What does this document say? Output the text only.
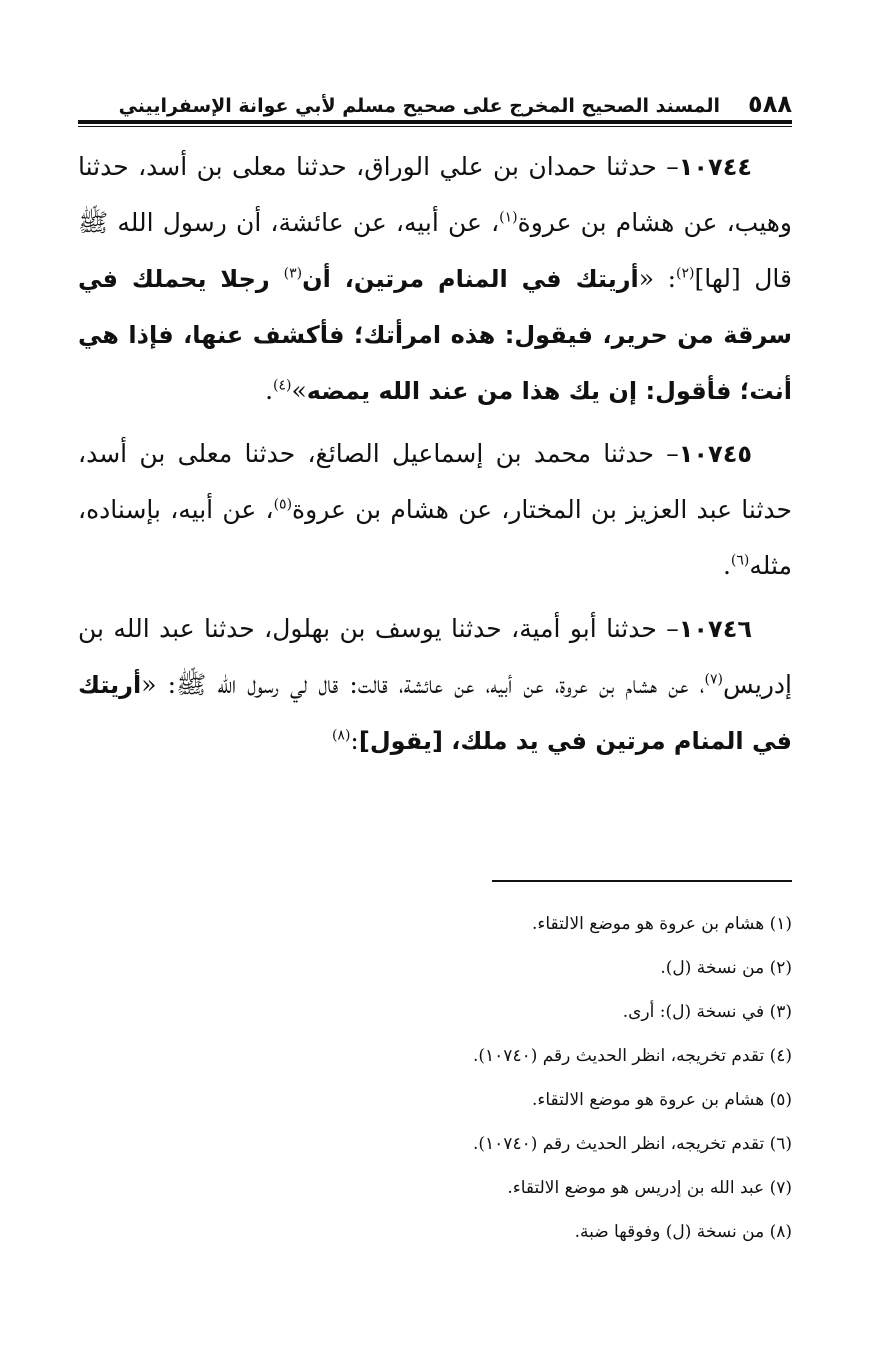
٥٨٨
المسند الصحيح المخرج على صحيح مسلم لأبي عوانة الإسفراييني

١٠٧٤٤– حدثنا حمدان بن علي الوراق، حدثنا معلى بن أسد، حدثنا وهيب، عن هشام بن عروة$^{(١)}$، عن أبيه، عن عائشة، أن رسول الله ﷺ قال [لها]$^{(٢)}$: «أريتك في المنام مرتين، أن$^{(٣)}$ رجلا يحملك في سرقة من حرير، فيقول: هذه امرأتك؛ فأكشف عنها، فإذا هي أنت؛ فأقول: إن يك هذا من عند الله يمضه»$^{(٤)}$.

١٠٧٤٥– حدثنا محمد بن إسماعيل الصائغ، حدثنا معلى بن أسد، حدثنا عبد العزيز بن المختار، عن هشام بن عروة$^{(٥)}$، عن أبيه، بإسناده، مثله$^{(٦)}$.

١٠٧٤٦– حدثنا أبو أمية، حدثنا يوسف بن بهلول، حدثنا عبد الله بن إدريس$^{(٧)}$، عن هشام بن عروة، عن أبيه، عن عائشة، قالت: قال لي رسول الله ﷺ: «أريتك في المنام مرتين في يد ملك، [يقول]:$^{(٨)}$

(١) هشام بن عروة هو موضع الالتقاء.

(٢) من نسخة (ل).

(٣) في نسخة (ل): أرى.

(٤) تقدم تخريجه، انظر الحديث رقم (١٠٧٤٠).

(٥) هشام بن عروة هو موضع الالتقاء.

(٦) تقدم تخريجه، انظر الحديث رقم (١٠٧٤٠).

(٧) عبد الله بن إدريس هو موضع الالتقاء.

(٨) من نسخة (ل) وفوقها ضبة.
